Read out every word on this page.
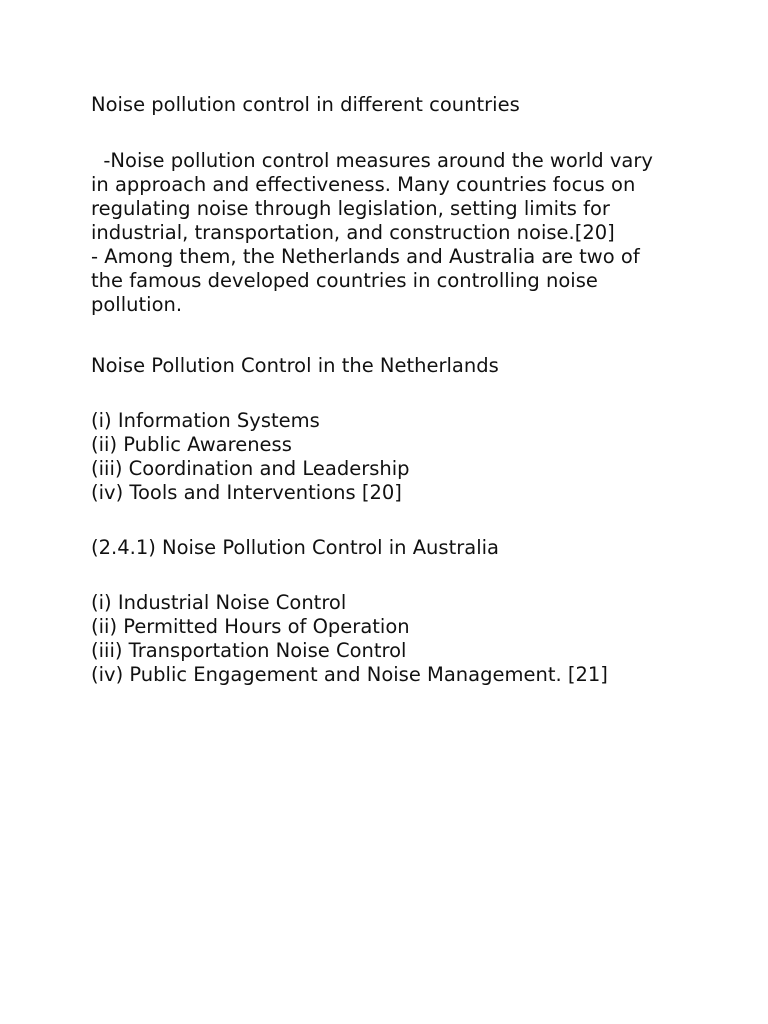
Noise pollution control in different countries
-Noise pollution control measures around the world vary
in approach and effectiveness. Many countries focus on
regulating noise through legislation, setting limits for
industrial, transportation, and construction noise.[20]
- Among them, the Netherlands and Australia are two of
the famous developed countries in controlling noise
pollution.
Noise Pollution Control in the Netherlands
(i) Information Systems
(ii) Public Awareness
(iii) Coordination and Leadership
(iv) Tools and Interventions [20]
(2.4.1) Noise Pollution Control in Australia
(i) Industrial Noise Control
(ii) Permitted Hours of Operation
(iii) Transportation Noise Control
(iv) Public Engagement and Noise Management. [21]
